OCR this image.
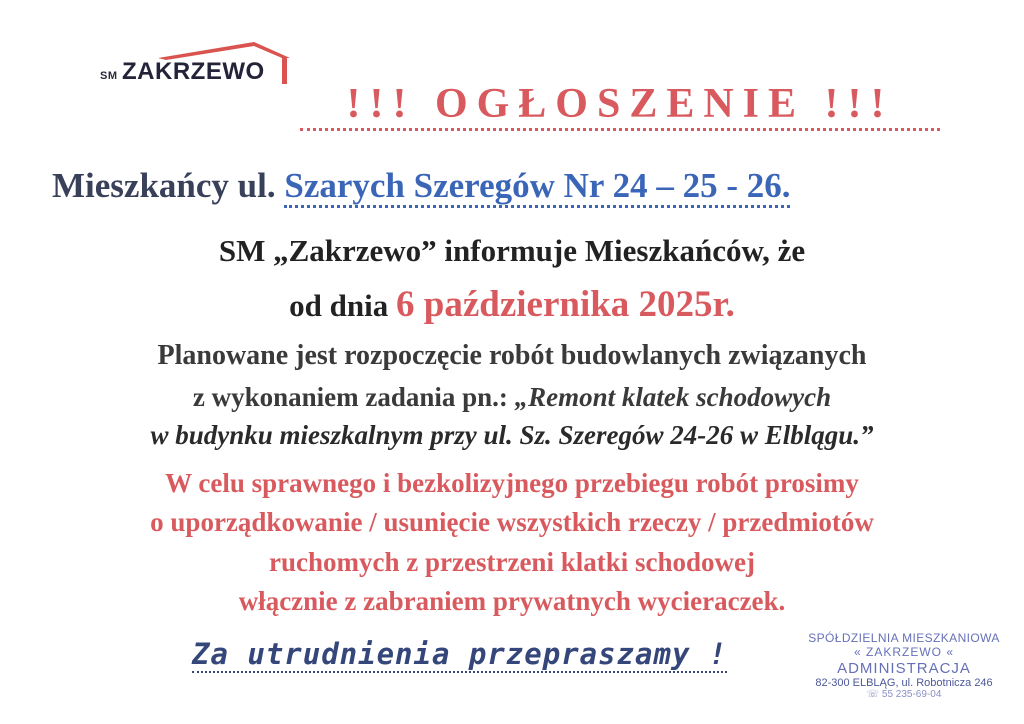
SM ZAKRZEWO
!!! OGŁOSZENIE !!!
Mieszkańcy ul. Szarych Szeregów Nr 24 – 25 - 26.
SM „Zakrzewo” informuje Mieszkańców, że
od dnia 6 października 2025r.
Planowane jest rozpoczęcie robót budowlanych związanych
z wykonaniem zadania pn.: „Remont klatek schodowych
w budynku mieszkalnym przy ul. Sz. Szeregów 24-26 w Elblągu.”
W celu sprawnego i bezkolizyjnego przebiegu robót prosimy
o uporządkowanie / usunięcie wszystkich rzeczy / przedmiotów
ruchomych z przestrzeni klatki schodowej
włącznie z zabraniem prywatnych wycieraczek.
Za utrudnienia przepraszamy !	SPÓŁDZIELNIA MIESZKANIOWA
« ZAKRZEWO «
ADMINISTRACJA
82-300 ELBLĄG, ul. Robotnicza 246
☏ 55 235-69-04
